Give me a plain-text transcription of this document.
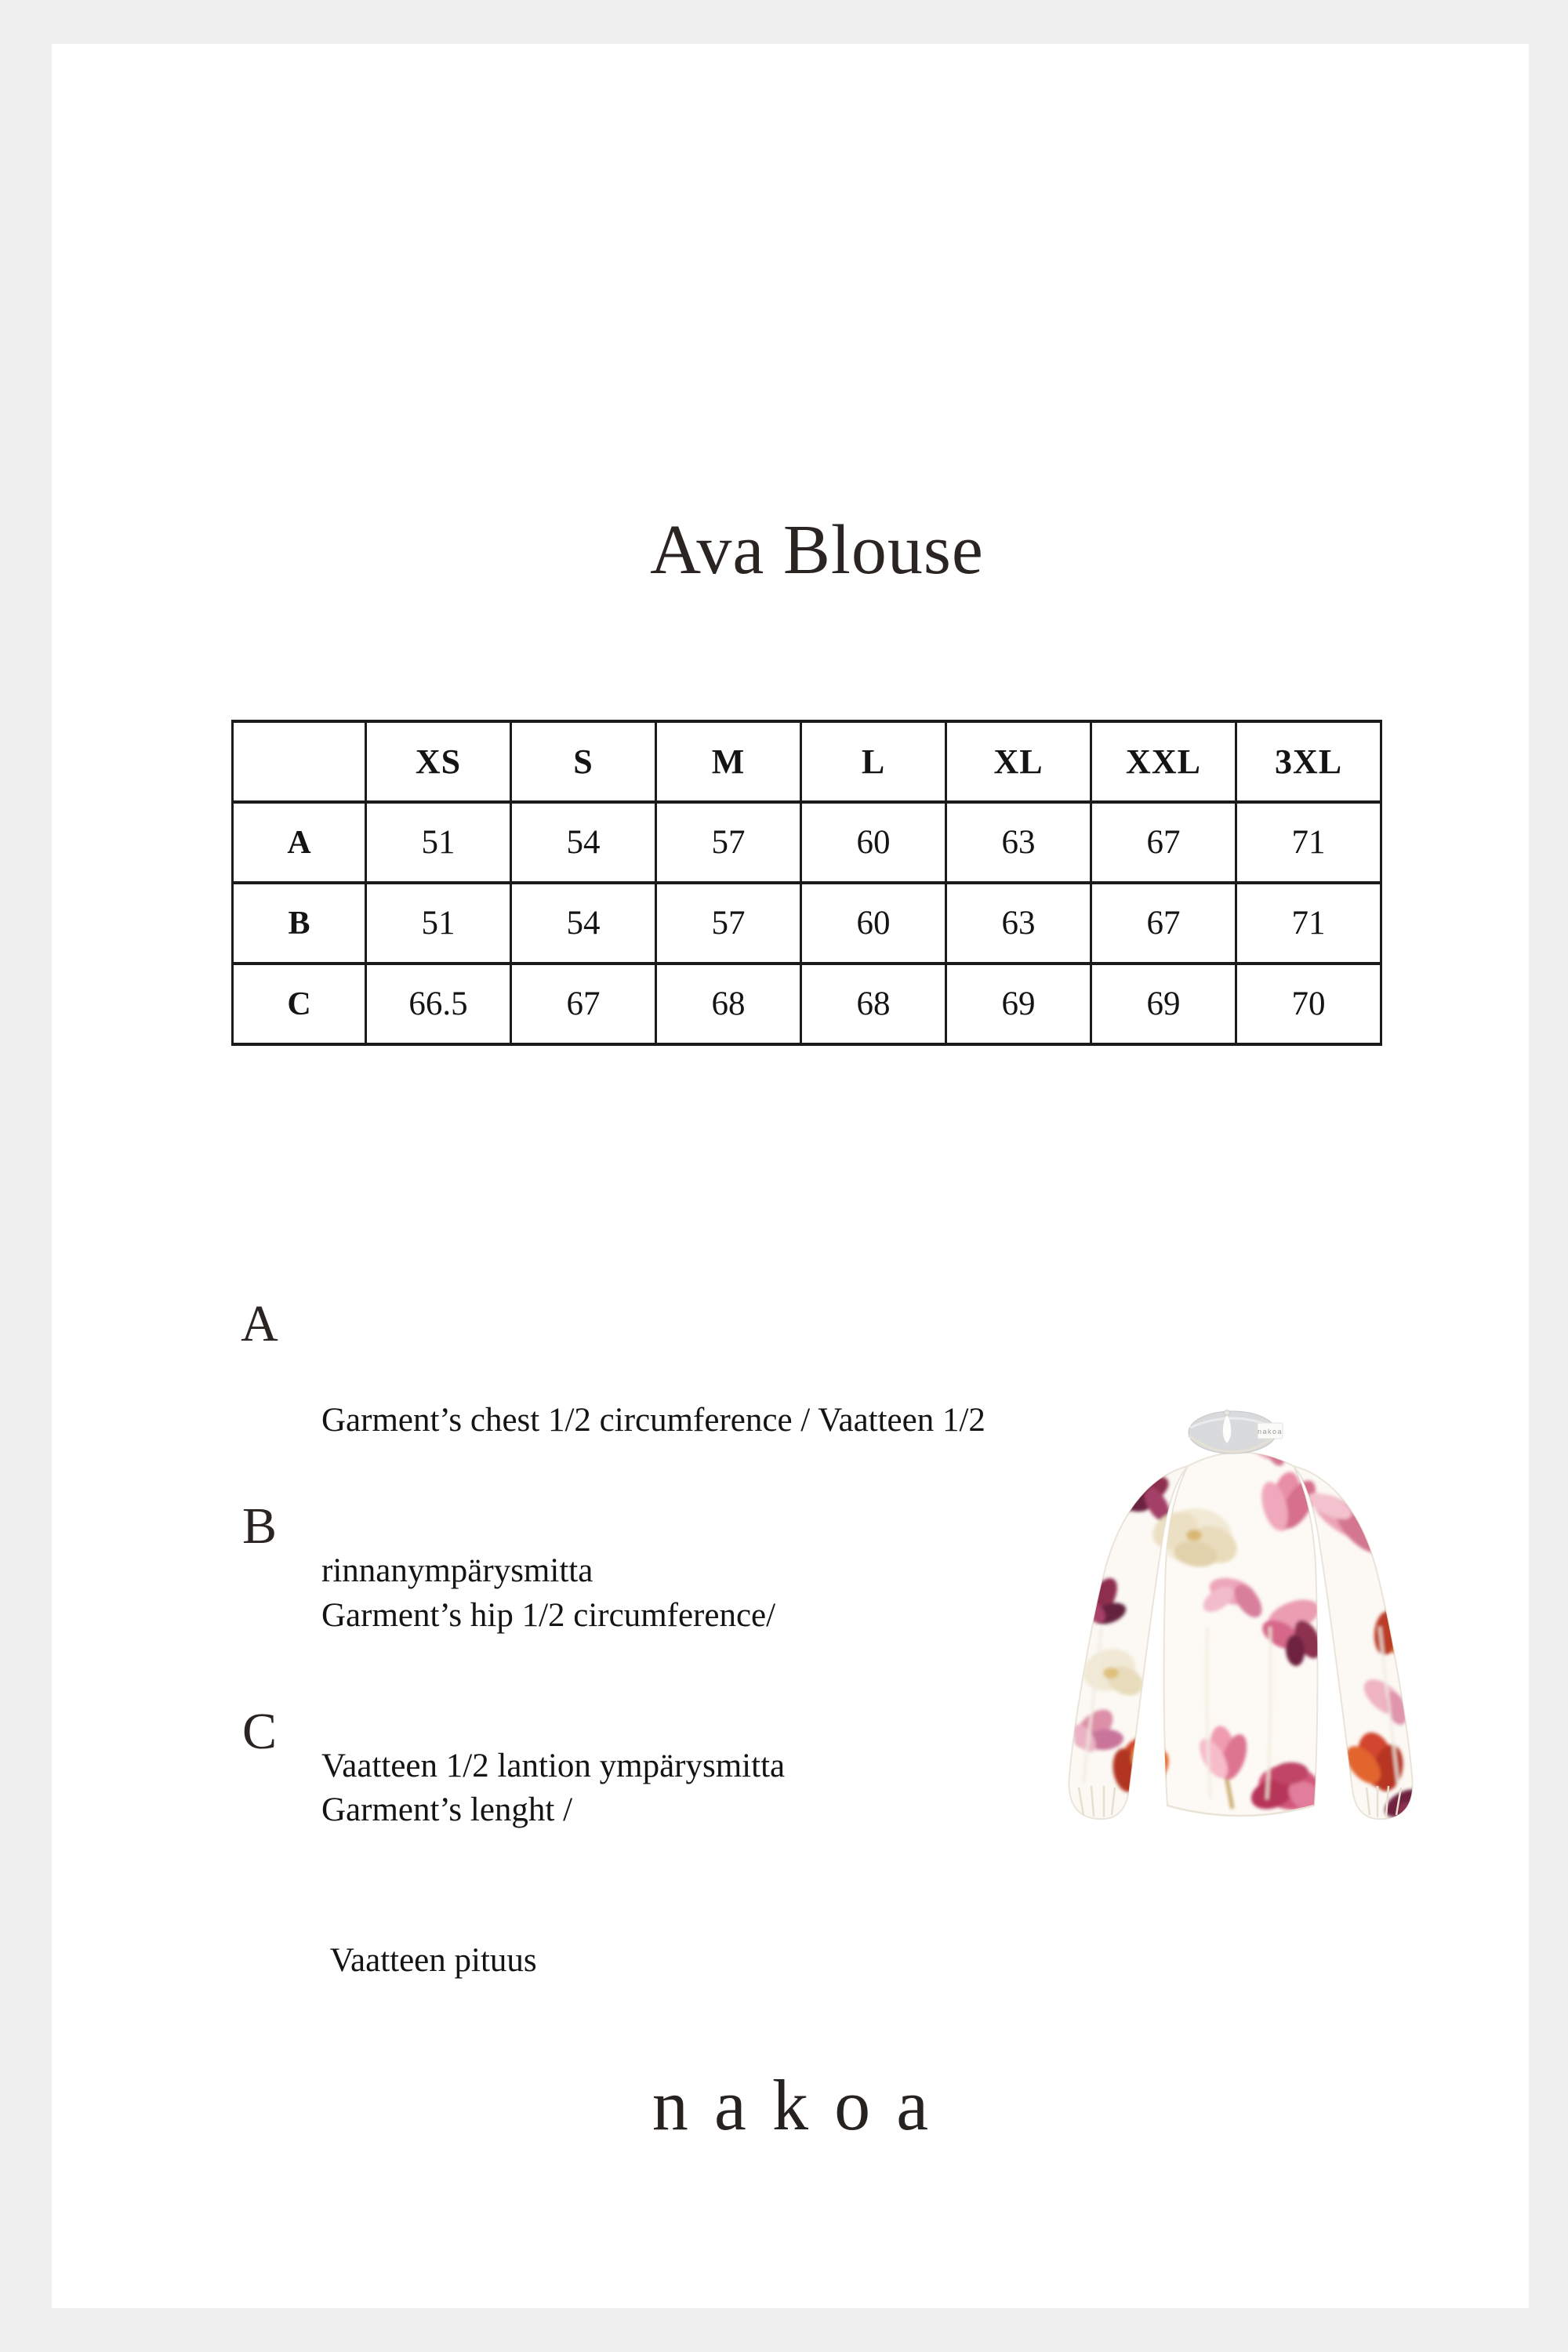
Ava Blouse
	XS	S	M	L	XL	XXL	3XL
A	51	54	57	60	63	67	71
B	51	54	57	60	63	67	71
C	66.5	67	68	68	69	69	70
A

Garment’s chest 1/2 circumference / Vaatteen 1/2

rinnanympärysmitta

B

Garment’s hip 1/2 circumference/

Vaatteen 1/2 lantion ympärysmitta

C

Garment’s lenght /

Vaatteen pituus

nakoa
nakoa
